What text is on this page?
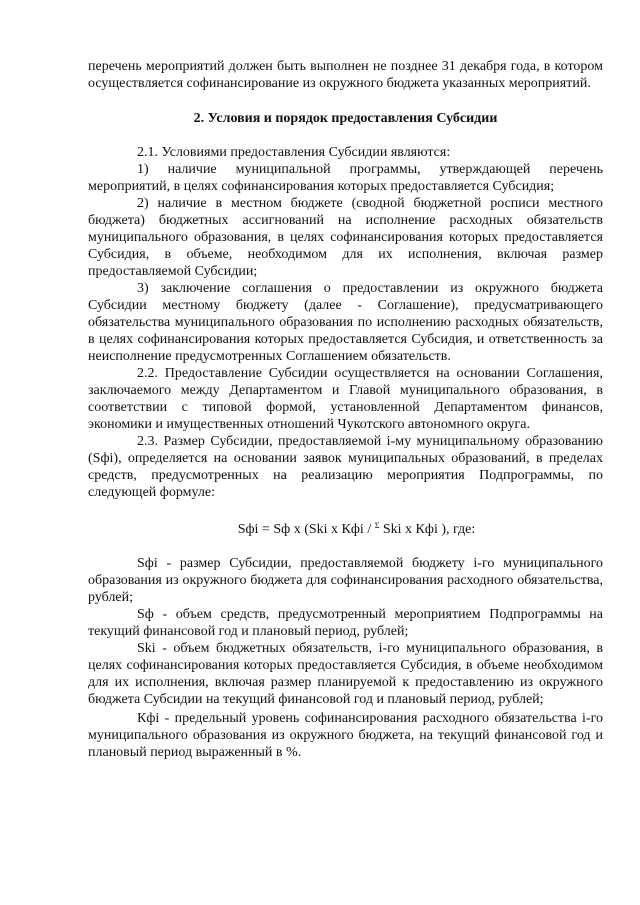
перечень мероприятий должен быть выполнен не позднее 31 декабря года, в котором осуществляется софинансирование из окружного бюджета указанных мероприятий.

2. Условия и порядок предоставления Субсидии

2.1. Условиями предоставления Субсидии являются:

1) наличие муниципальной программы, утверждающей перечень мероприятий, в целях софинансирования которых предоставляется Субсидия;

2) наличие в местном бюджете (сводной бюджетной росписи местного бюджета) бюджетных ассигнований на исполнение расходных обязательств муниципального образования, в целях софинансирования которых предоставляется Субсидия, в объеме, необходимом для их исполнения, включая размер предоставляемой Субсидии;

3) заключение соглашения о предоставлении из окружного бюджета Субсидии местному бюджету (далее - Соглашение), предусматривающего обязательства муниципального образования по исполнению расходных обязательств, в целях софинансирования которых предоставляется Субсидия, и ответственность за неисполнение предусмотренных Соглашением обязательств.

2.2. Предоставление Субсидии осуществляется на основании Соглашения, заключаемого между Департаментом и Главой муниципального образования, в соответствии с типовой формой, установленной Департаментом финансов, экономики и имущественных отношений Чукотского автономного округа.

2.3. Размер Субсидии, предоставляемой i-му муниципальному образованию (Sфi), определяется на основании заявок муниципальных образований, в пределах средств, предусмотренных на реализацию мероприятия Подпрограммы, по следующей формуле:

Sфi = Sф x (Ski x Кфi / $^\Sigma$ Ski x Кфi ), где:

Sфi - размер Субсидии, предоставляемой бюджету i-го муниципального образования из окружного бюджета для софинансирования расходного обязательства, рублей;

Sф - объем средств, предусмотренный мероприятием Подпрограммы на текущий финансовой год и плановый период, рублей;

Ski - объем бюджетных обязательств, i-го муниципального образования, в целях софинансирования которых предоставляется Субсидия, в объеме необходимом для их исполнения, включая размер планируемой к предоставлению из окружного бюджета Субсидии на текущий финансовой год и плановый период, рублей;

Кфi - предельный уровень софинансирования расходного обязательства i-го муниципального образования из окружного бюджета, на текущий финансовой год и плановый период выраженный в %.
